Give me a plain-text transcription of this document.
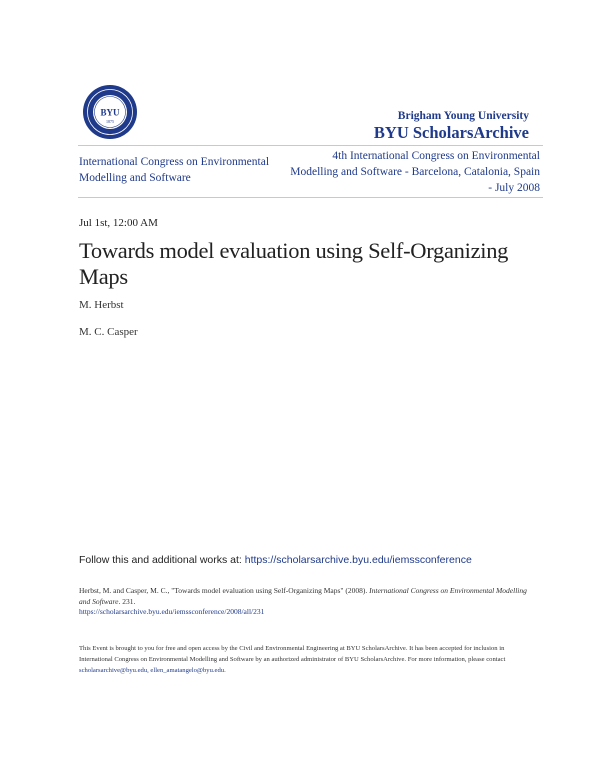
BYU
1875	Brigham Young University
BYU ScholarsArchive
International Congress on Environmental Modelling and Software
4th International Congress on Environmental Modelling and Software - Barcelona, Catalonia, Spain - July 2008
Jul 1st, 12:00 AM
Towards model evaluation using Self-Organizing Maps
M. Herbst
M. C. Casper
Follow this and additional works at: https://scholarsarchive.byu.edu/iemssconference
Herbst, M. and Casper, M. C., "Towards model evaluation using Self-Organizing Maps" (2008). International Congress on Environmental Modelling and Software. 231.
https://scholarsarchive.byu.edu/iemssconference/2008/all/231
This Event is brought to you for free and open access by the Civil and Environmental Engineering at BYU ScholarsArchive. It has been accepted for inclusion in International Congress on Environmental Modelling and Software by an authorized administrator of BYU ScholarsArchive. For more information, please contact scholarsarchive@byu.edu, ellen_amatangelo@byu.edu.
